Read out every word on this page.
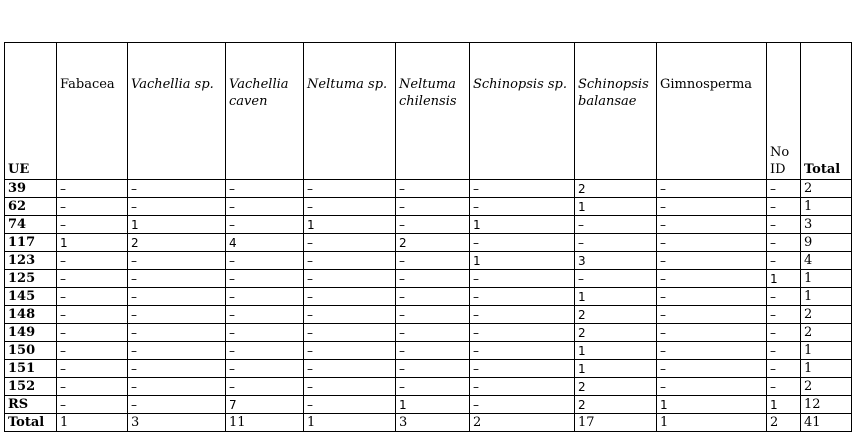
UE	Fabacea	Vachellia sp.	Vachellia caven	Neltuma sp.	Neltuma chilensis	Schinopsis sp.	Schinopsis balansae	Gimnosperma	No ID	Total
39	–	–	–	–	–	–	2	–	–	2
62	–	–	–	–	–	–	1	–	–	1
74	–	1	–	1	–	1	–	–	–	3
117	1	2	4	–	2	–	–	–	–	9
123	–	–	–	–	–	1	3	–	–	4
125	–	–	–	–	–	–	–	–	1	1
145	–	–	–	–	–	–	1	–	–	1
148	–	–	–	–	–	–	2	–	–	2
149	–	–	–	–	–	–	2	–	–	2
150	–	–	–	–	–	–	1	–	–	1
151	–	–	–	–	–	–	1	–	–	1
152	–	–	–	–	–	–	2	–	–	2
RS	–	–	7	–	1	–	2	1	1	12
Total	1	3	11	1	3	2	17	1	2	41
